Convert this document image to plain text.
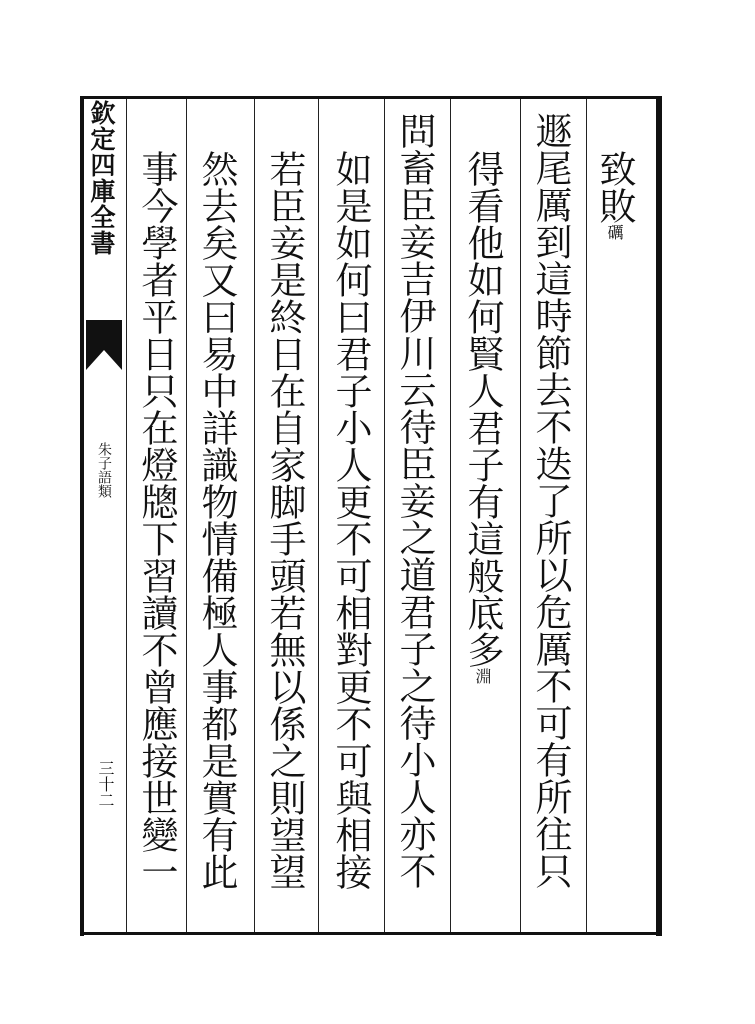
欽定四庫全書
朱子語類
三十二
致敗礪
遯尾厲到這時節去不迭了所以危厲不可有所往只
得看他如何賢人君子有這般底多淵
問畜臣妾吉伊川云待臣妾之道君子之待小人亦不
如是如何曰君子小人更不可相對更不可與相接
若臣妾是終日在自家脚手頭若無以係之則望望
然去矣又曰易中詳識物情備極人事都是實有此
事今學者平日只在燈牕下習讀不曾應接世變一
